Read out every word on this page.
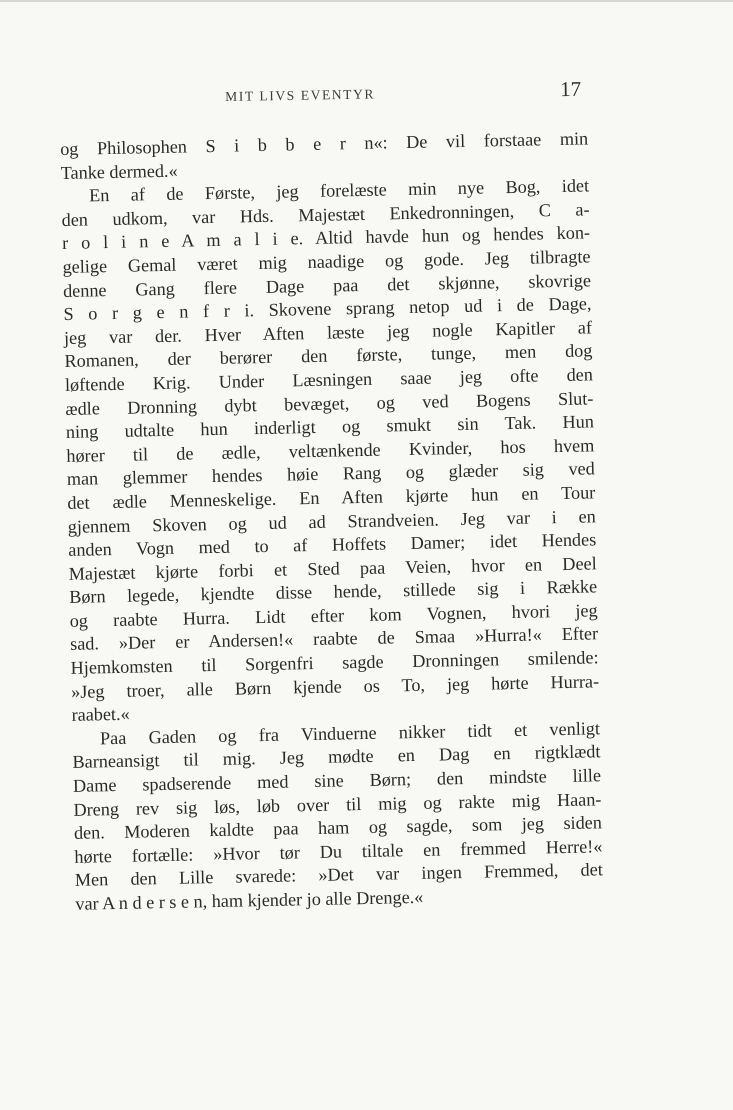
MIT LIVS EVENTYR	17
og Philosophen S i b b e r n«: De vil forstaae min
Tanke dermed.«
En af de Første, jeg forelæste min nye Bog, idet
den udkom, var Hds. Majestæt Enkedronningen, C a-
r o l i n e A m a l i e. Altid havde hun og hendes kon-
gelige Gemal været mig naadige og gode. Jeg tilbragte
denne Gang flere Dage paa det skjønne, skovrige
S o r g e n f r i. Skovene sprang netop ud i de Dage,
jeg var der. Hver Aften læste jeg nogle Kapitler af
Romanen, der berører den første, tunge, men dog
løftende Krig. Under Læsningen saae jeg ofte den
ædle Dronning dybt bevæget, og ved Bogens Slut-
ning udtalte hun inderligt og smukt sin Tak. Hun
hører til de ædle, veltænkende Kvinder, hos hvem
man glemmer hendes høie Rang og glæder sig ved
det ædle Menneskelige. En Aften kjørte hun en Tour
gjennem Skoven og ud ad Strandveien. Jeg var i en
anden Vogn med to af Hoffets Damer; idet Hendes
Majestæt kjørte forbi et Sted paa Veien, hvor en Deel
Børn legede, kjendte disse hende, stillede sig i Række
og raabte Hurra. Lidt efter kom Vognen, hvori jeg
sad. »Der er Andersen!« raabte de Smaa »Hurra!« Efter
Hjemkomsten til Sorgenfri sagde Dronningen smilende:
»Jeg troer, alle Børn kjende os To, jeg hørte Hurra-
raabet.«
Paa Gaden og fra Vinduerne nikker tidt et venligt
Barneansigt til mig. Jeg mødte en Dag en rigtklædt
Dame spadserende med sine Børn; den mindste lille
Dreng rev sig løs, løb over til mig og rakte mig Haan-
den. Moderen kaldte paa ham og sagde, som jeg siden
hørte fortælle: »Hvor tør Du tiltale en fremmed Herre!«
Men den Lille svarede: »Det var ingen Fremmed, det
var A n d e r s e n, ham kjender jo alle Drenge.«
